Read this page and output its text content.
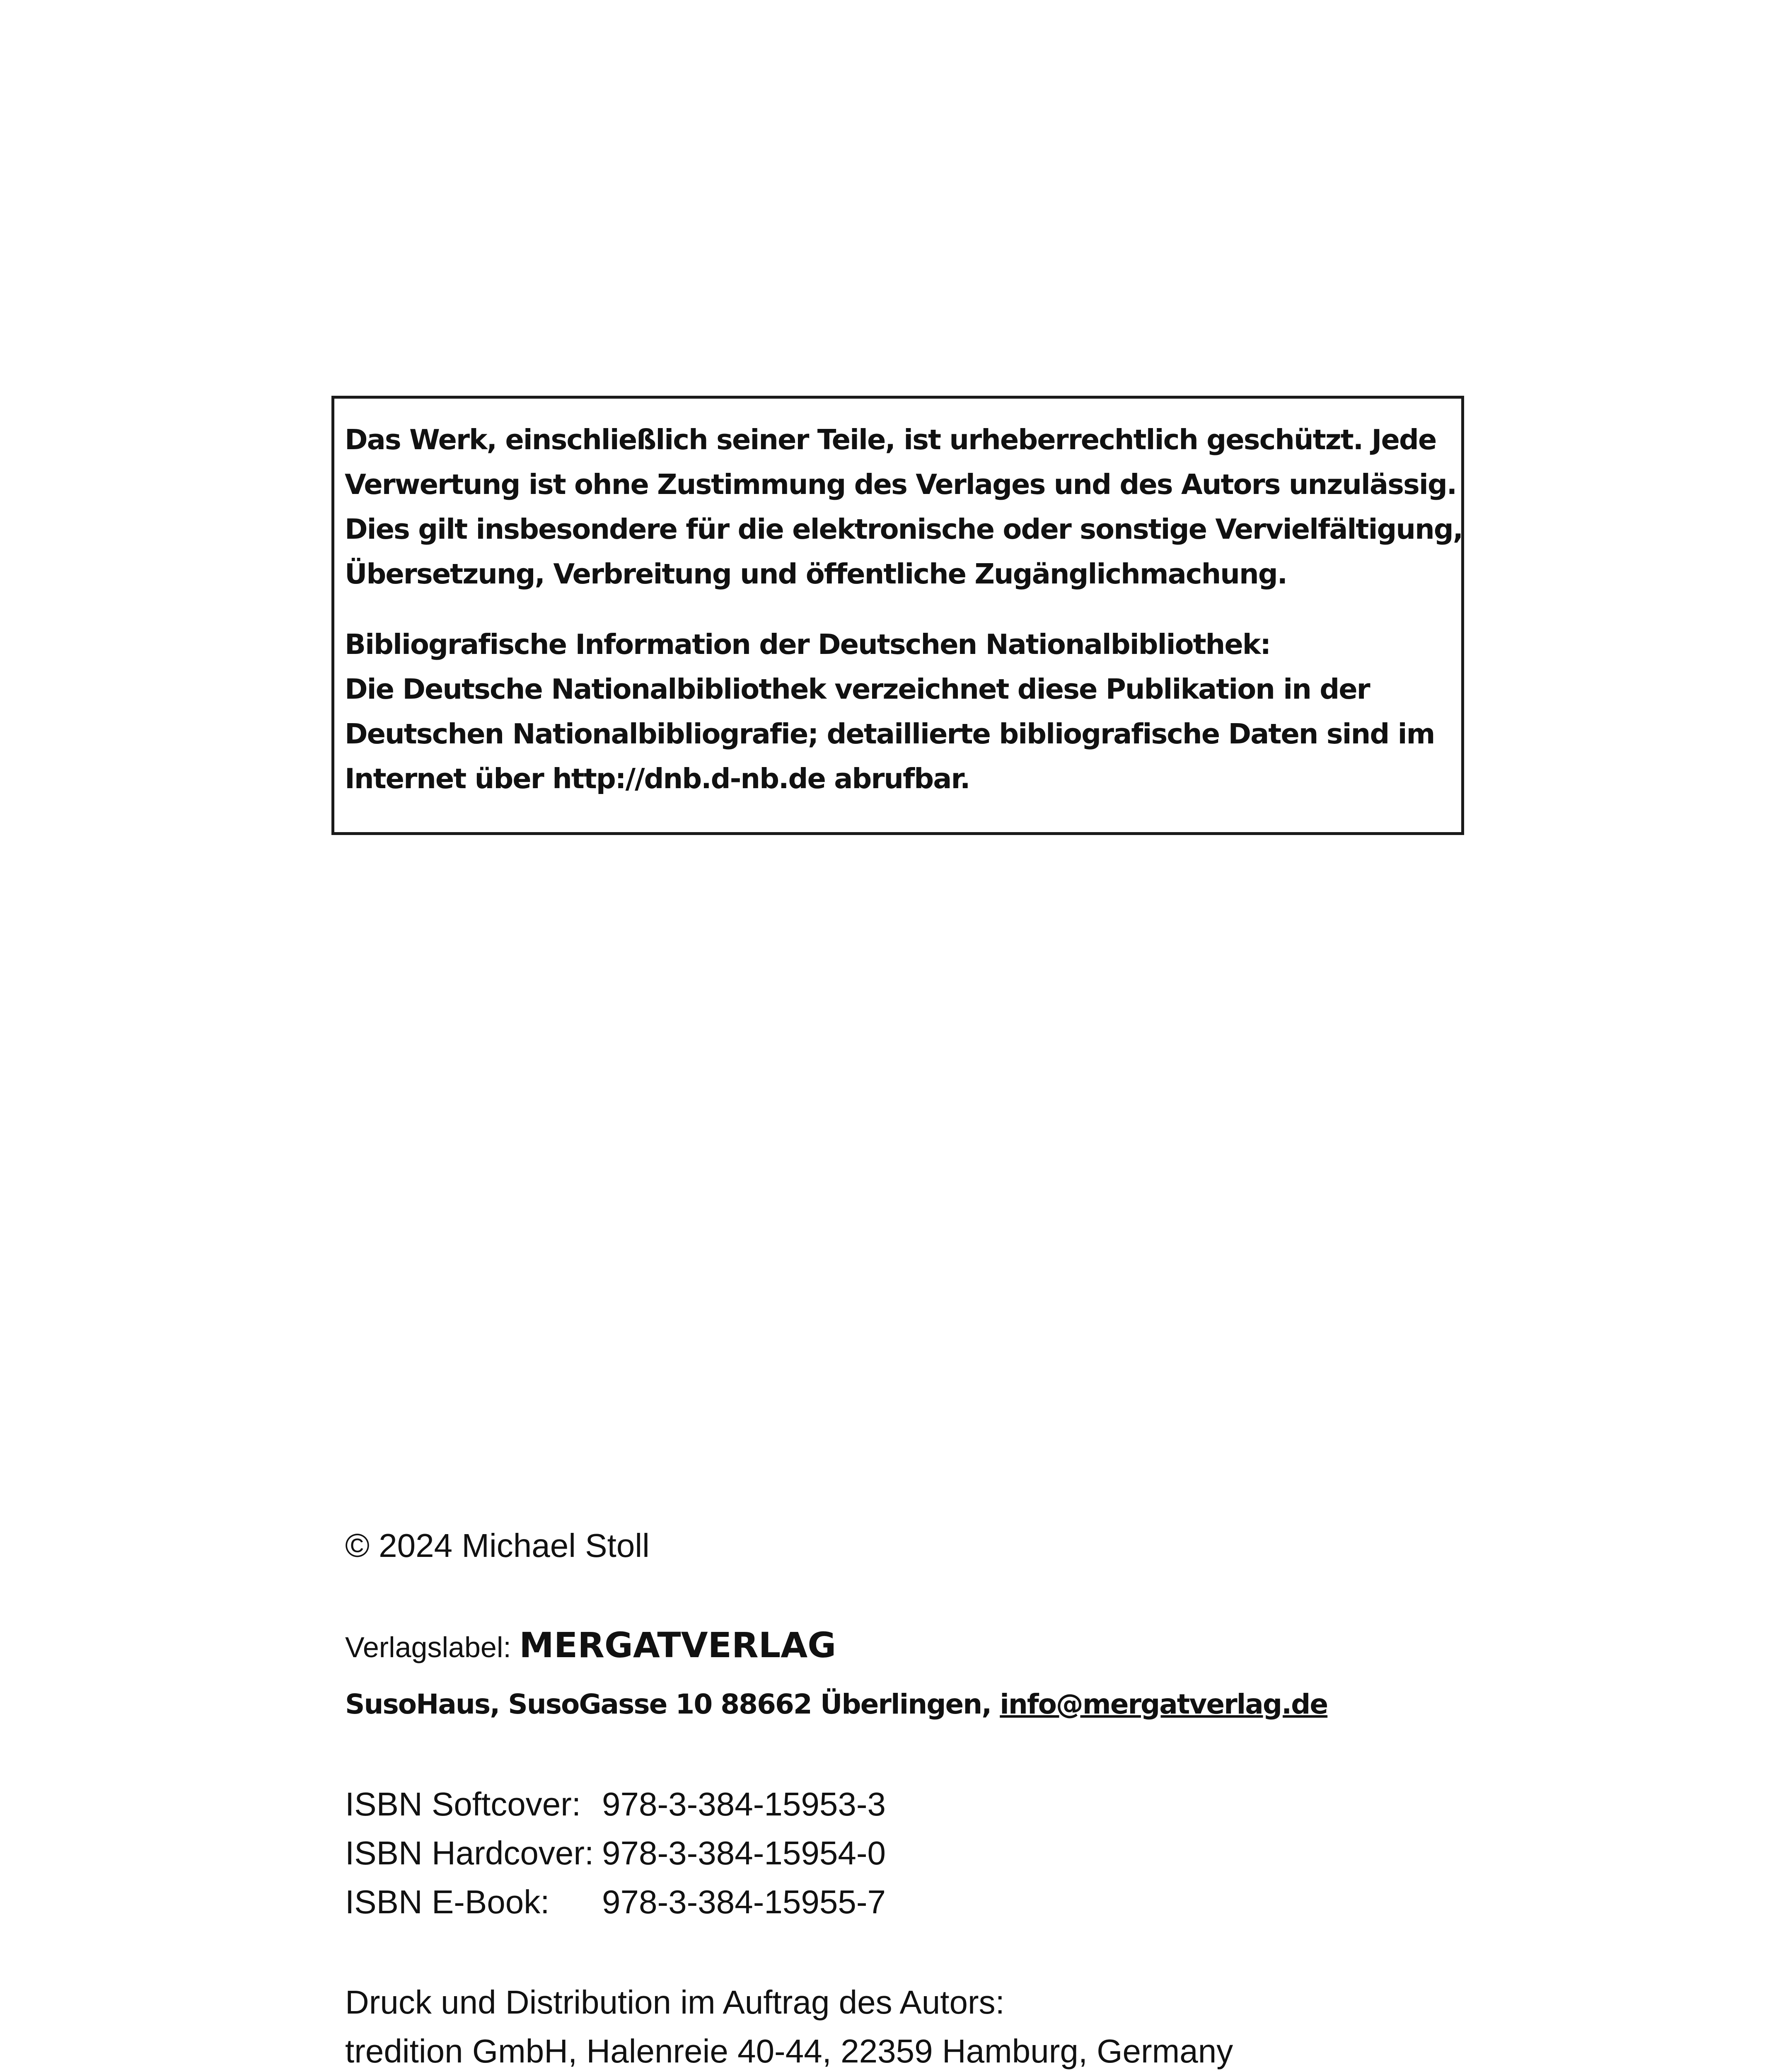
Das Werk, einschließlich seiner Teile, ist urheberrechtlich geschützt. Jede
Verwertung ist ohne Zustimmung des Verlages und des Autors unzulässig.
Dies gilt insbesondere für die elektronische oder sonstige Vervielfältigung,
Übersetzung, Verbreitung und öffentliche Zugänglichmachung.

Bibliografische Information der Deutschen Nationalbibliothek:
Die Deutsche Nationalbibliothek verzeichnet diese Publikation in der
Deutschen Nationalbibliografie; detaillierte bibliografische Daten sind im
Internet über http://dnb.d-nb.de abrufbar.

© 2024 Michael Stoll
Verlagslabel: MERGATVERLAG
SusoHaus, SusoGasse 10 88662 Überlingen, info@mergatverlag.de
ISBN Softcover: 978-3-384-15953-3
ISBN Hardcover: 978-3-384-15954-0
ISBN E-Book: 978-3-384-15955-7
Druck und Distribution im Auftrag des Autors:
tredition GmbH, Halenreie 40-44, 22359 Hamburg, Germany
